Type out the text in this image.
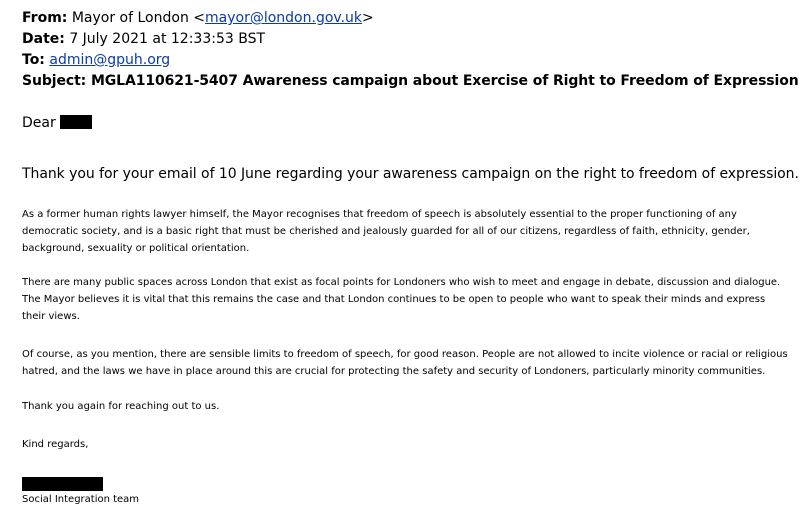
From: Mayor of London <mayor@london.gov.uk>
Date: 7 July 2021 at 12:33:53 BST
To: admin@gpuh.org
Subject: MGLA110621-5407 Awareness campaign about Exercise of Right to Freedom of Expression
Dear
Thank you for your email of 10 June regarding your awareness campaign on the right to freedom of expression.
As a former human rights lawyer himself, the Mayor recognises that freedom of speech is absolutely essential to the proper functioning of any democratic society, and is a basic right that must be cherished and jealously guarded for all of our citizens, regardless of faith, ethnicity, gender, background, sexuality or political orientation.
There are many public spaces across London that exist as focal points for Londoners who wish to meet and engage in debate, discussion and dialogue. The Mayor believes it is vital that this remains the case and that London continues to be open to people who want to speak their minds and express their views.
Of course, as you mention, there are sensible limits to freedom of speech, for good reason. People are not allowed to incite violence or racial or religious hatred, and the laws we have in place around this are crucial for protecting the safety and security of Londoners, particularly minority communities.
Thank you again for reaching out to us.
Kind regards,
Social Integration team
